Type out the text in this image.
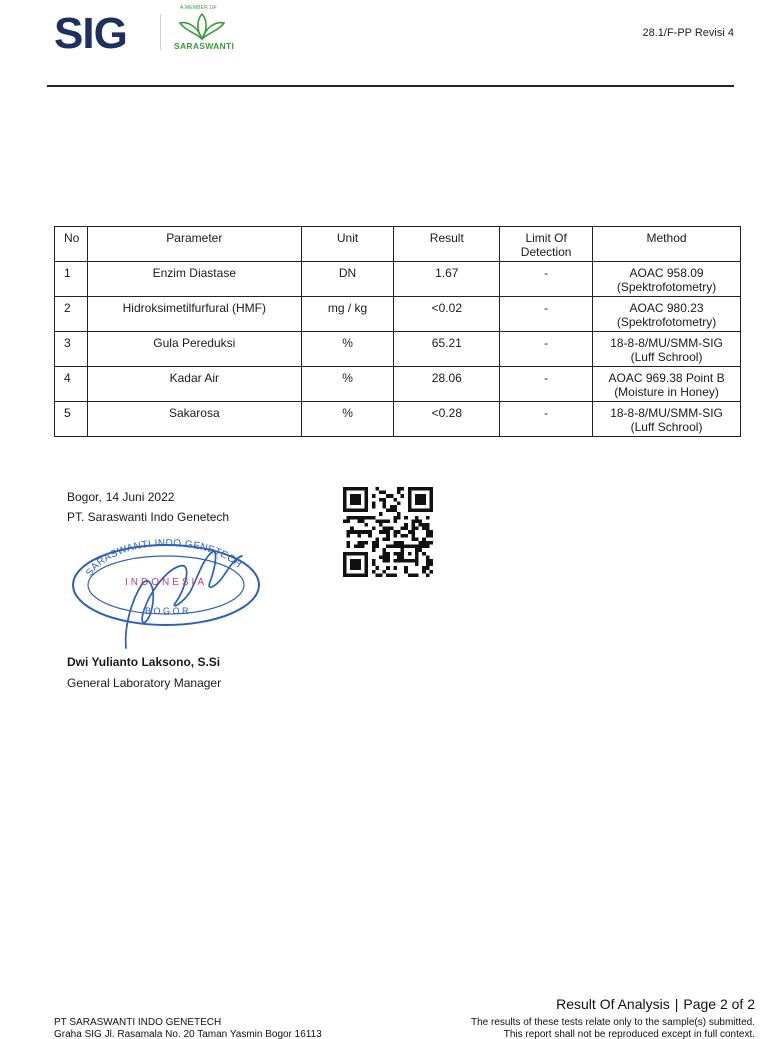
SIG
A MEMBER OF
SARASWANTI
28.1/F-PP Revisi 4
No	Parameter	Unit	Result	Limit Of
Detection	Method
1	Enzim Diastase	DN	1.67	-	AOAC 958.09
(Spektrofotometry)

2	Hidroksimetilfurfural (HMF)	mg / kg	<0.02	-	AOAC 980.23
(Spektrofotometry)

3	Gula Pereduksi	%	65.21	-	18-8-8/MU/SMM-SIG
(Luff Schrool)

4	Kadar Air	%	28.06	-	AOAC 969.38 Point B
(Moisture in Honey)

5	Sakarosa	%	<0.28	-	18-8-8/MU/SMM-SIG
(Luff Schrool)
Bogor, 14 Juni 2022
PT. Saraswanti Indo Genetech
SARASWANTI INDO GENETECH
INDONESIA
BOGOR
Dwi Yulianto Laksono, S.Si
General Laboratory Manager
Result Of Analysis | Page 2 of 2
PT SARASWANTI INDO GENETECH
Graha SIG Jl. Rasamala No. 20 Taman Yasmin Bogor 16113
The results of these tests relate only to the sample(s) submitted.
This report shall not be reproduced except in full context.
